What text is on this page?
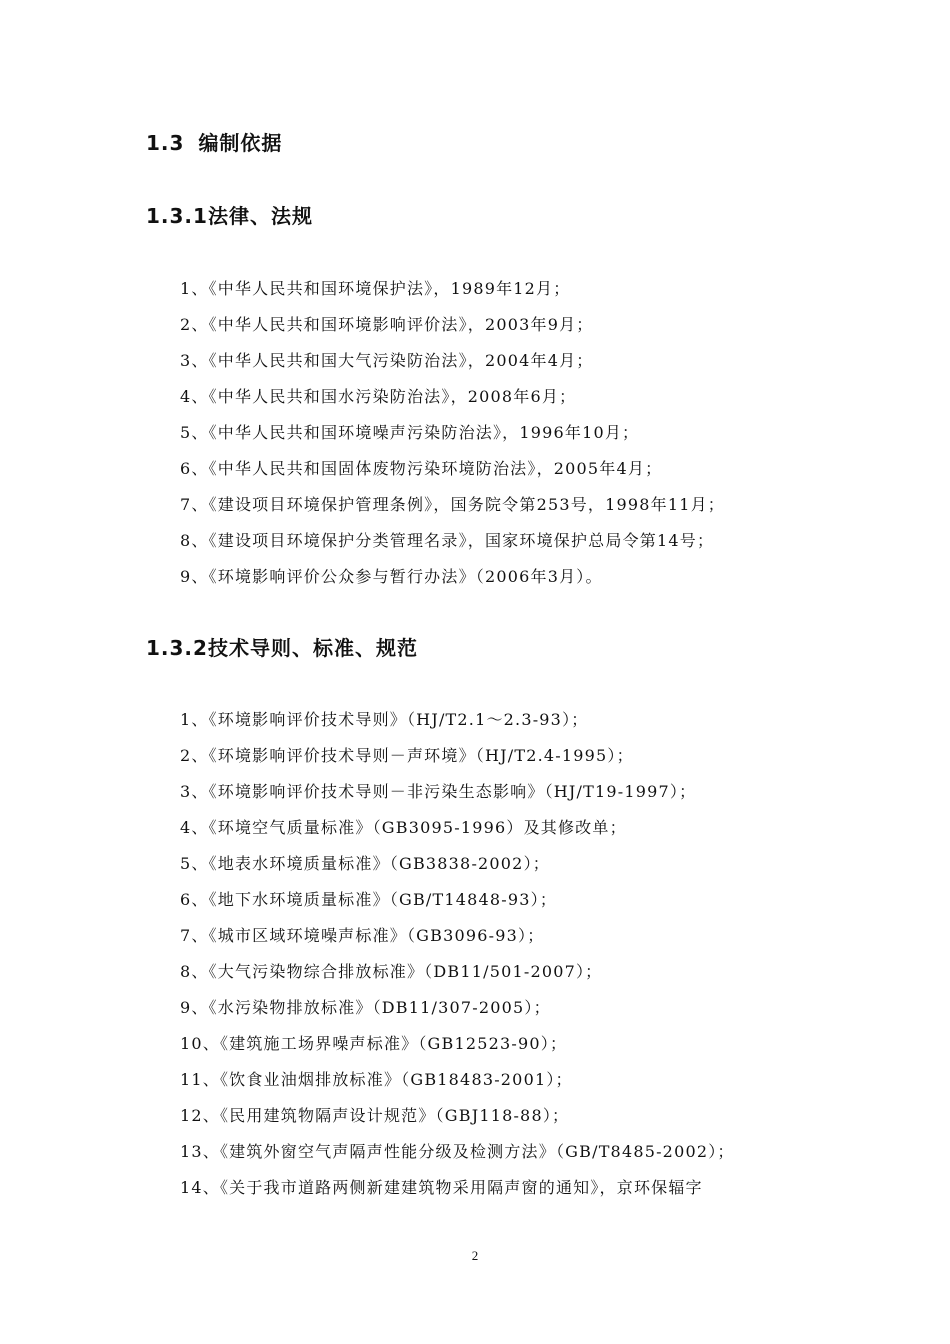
1.3 编制依据
1.3.1法律、法规
1、《中华人民共和国环境保护法》，1989年12月；
2、《中华人民共和国环境影响评价法》，2003年9月；
3、《中华人民共和国大气污染防治法》，2004年4月；
4、《中华人民共和国水污染防治法》，2008年6月；
5、《中华人民共和国环境噪声污染防治法》，1996年10月；
6、《中华人民共和国固体废物污染环境防治法》，2005年4月；
7、《建设项目环境保护管理条例》，国务院令第253号，1998年11月；
8、《建设项目环境保护分类管理名录》，国家环境保护总局令第14号；
9、《环境影响评价公众参与暂行办法》（2006年3月）。
1.3.2技术导则、标准、规范
1、《环境影响评价技术导则》（HJ/T2.1～2.3-93）；
2、《环境影响评价技术导则－声环境》（HJ/T2.4-1995）；
3、《环境影响评价技术导则－非污染生态影响》（HJ/T19-1997）；
4、《环境空气质量标准》（GB3095-1996）及其修改单；
5、《地表水环境质量标准》（GB3838-2002）；
6、《地下水环境质量标准》（GB/T14848-93）；
7、《城市区域环境噪声标准》（GB3096-93）；
8、《大气污染物综合排放标准》（DB11/501-2007）；
9、《水污染物排放标准》（DB11/307-2005）；
10、《建筑施工场界噪声标准》（GB12523-90）；
11、《饮食业油烟排放标准》（GB18483-2001）；
12、《民用建筑物隔声设计规范》（GBJ118-88）；
13、《建筑外窗空气声隔声性能分级及检测方法》（GB/T8485-2002）；
14、《关于我市道路两侧新建建筑物采用隔声窗的通知》，京环保辐字
2
